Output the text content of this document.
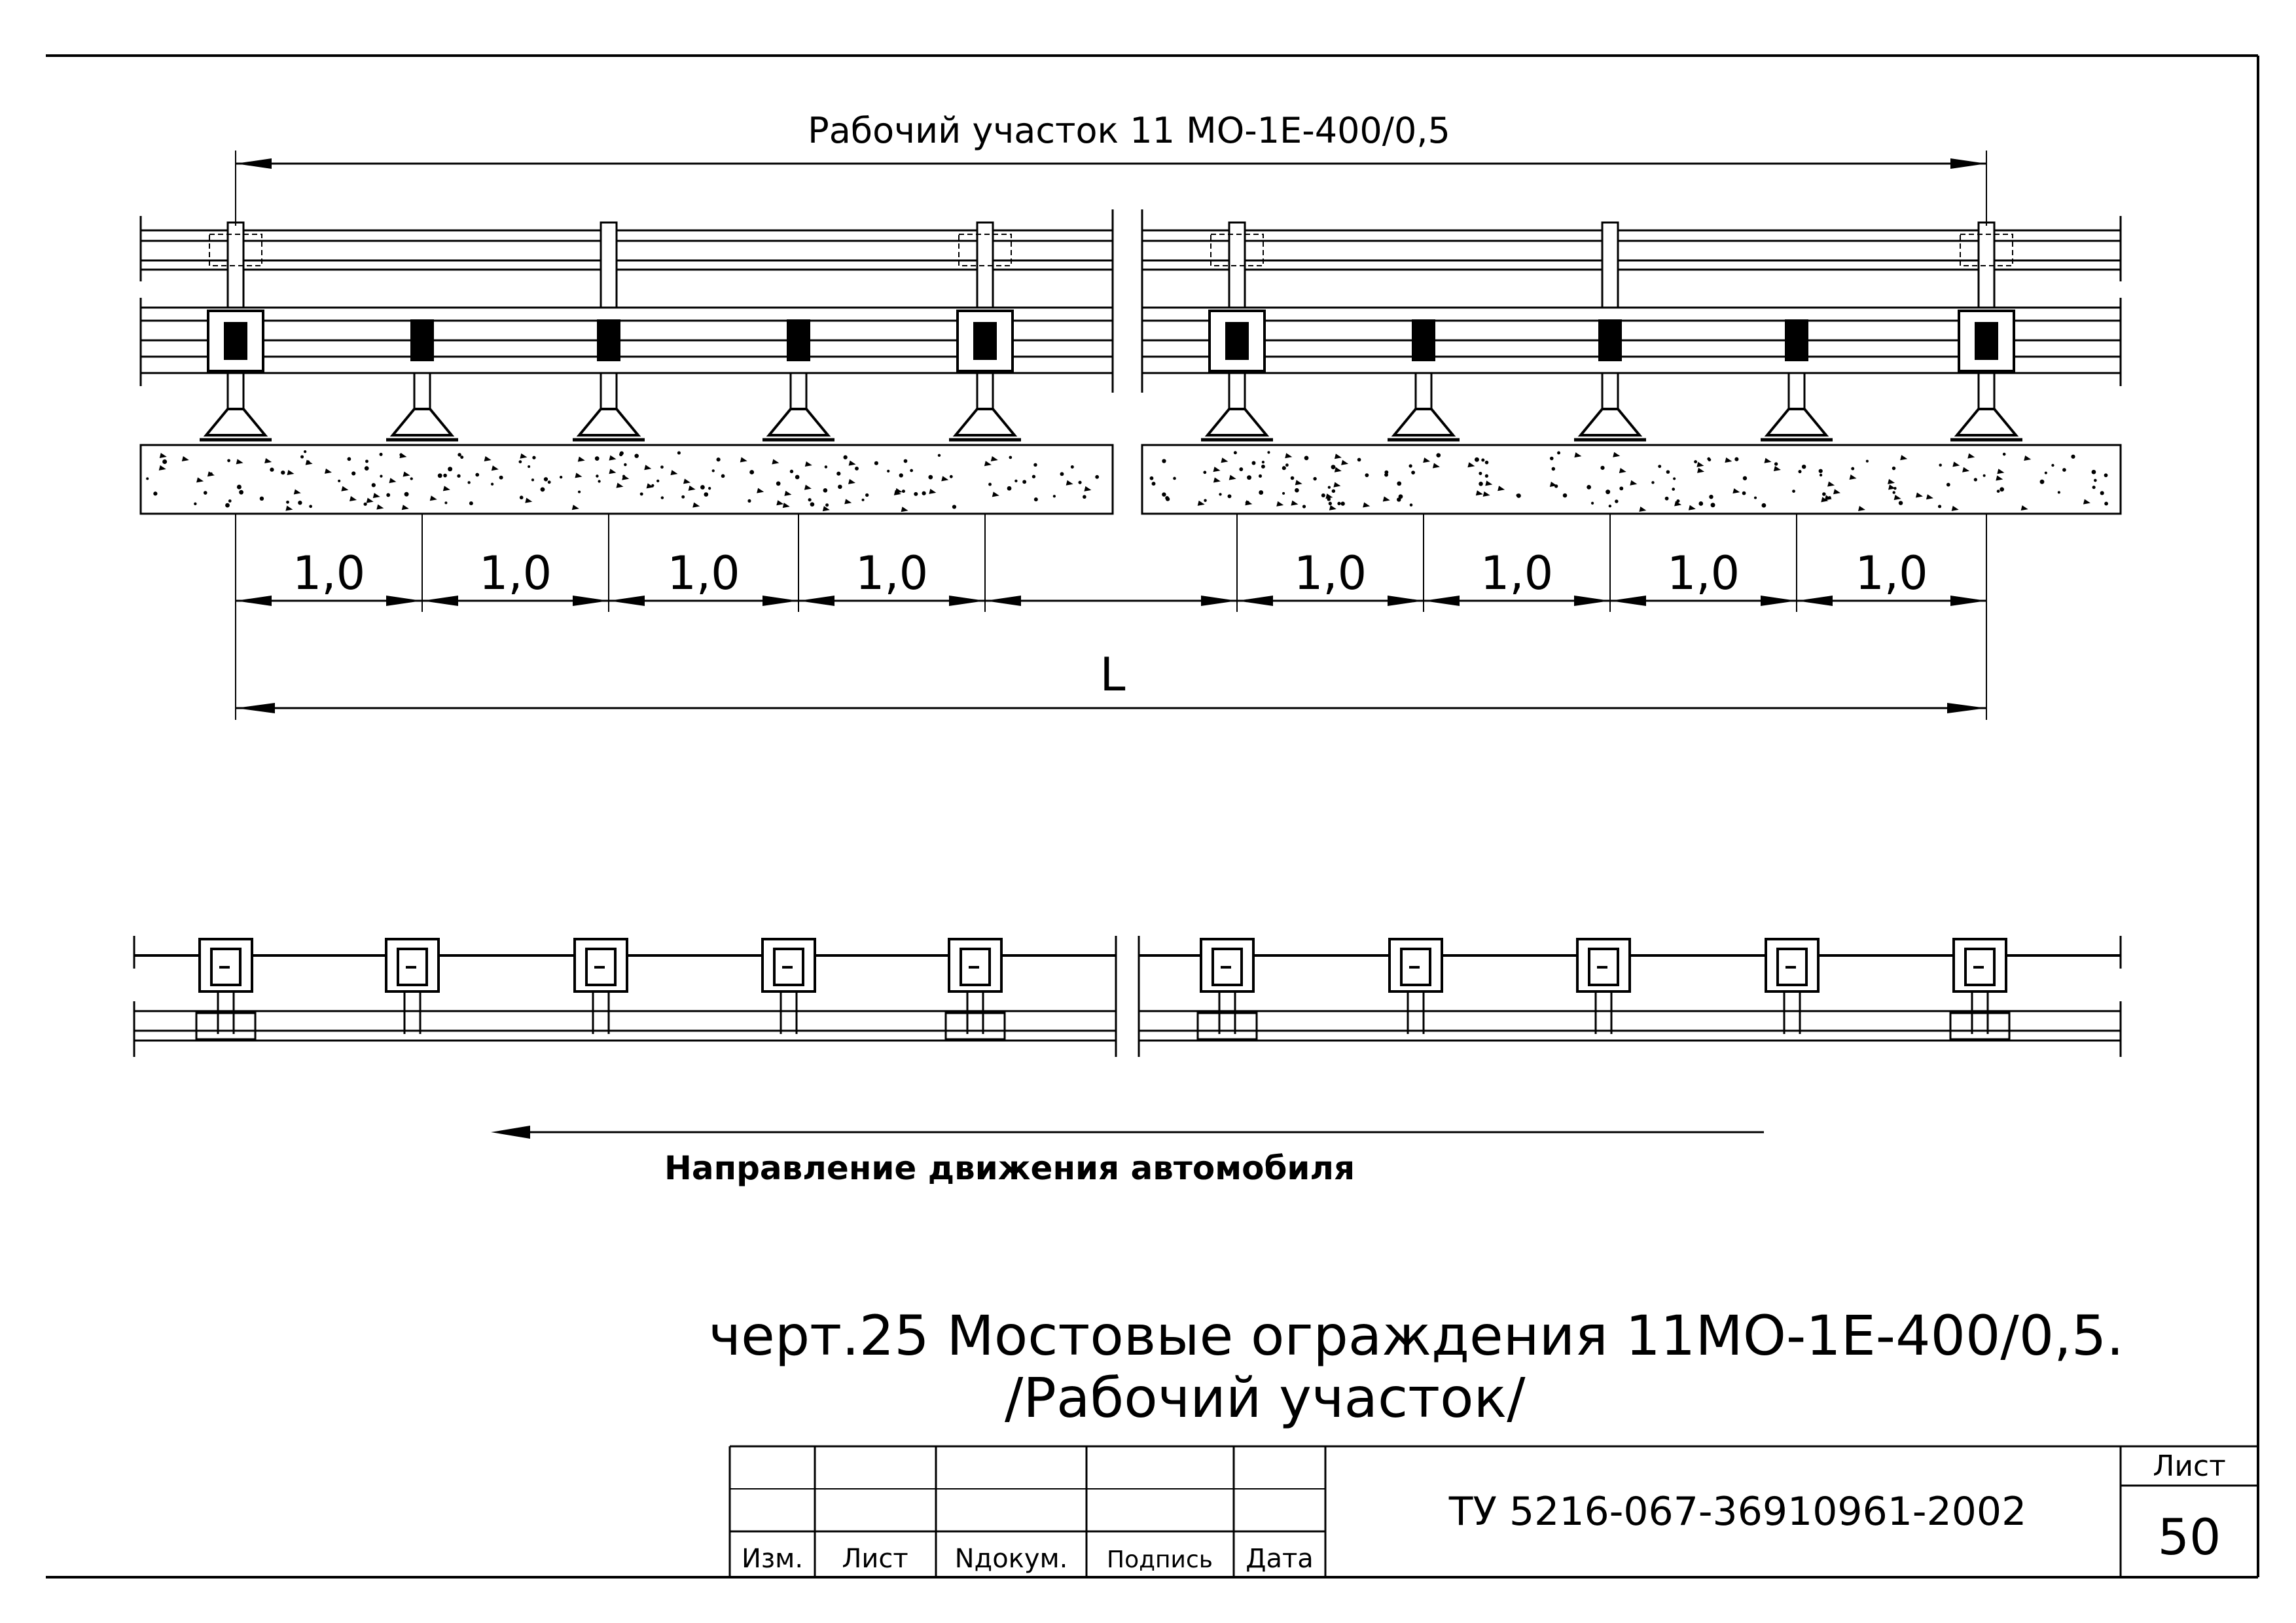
Рабочий участок 11 МО-1Е-400/0,5
1,0 1,0	1,0	1,0	1,0 1,0 1,0	1,0
L
Направление движения автомобиля
черт.25 Мостовые ограждения 11МО-1Е-400/0,5.
/Рабочий участок/
Изм. Лист Nдокум. Подпись Дата
ТУ 5216-067-36910961-2002
Лист
50
